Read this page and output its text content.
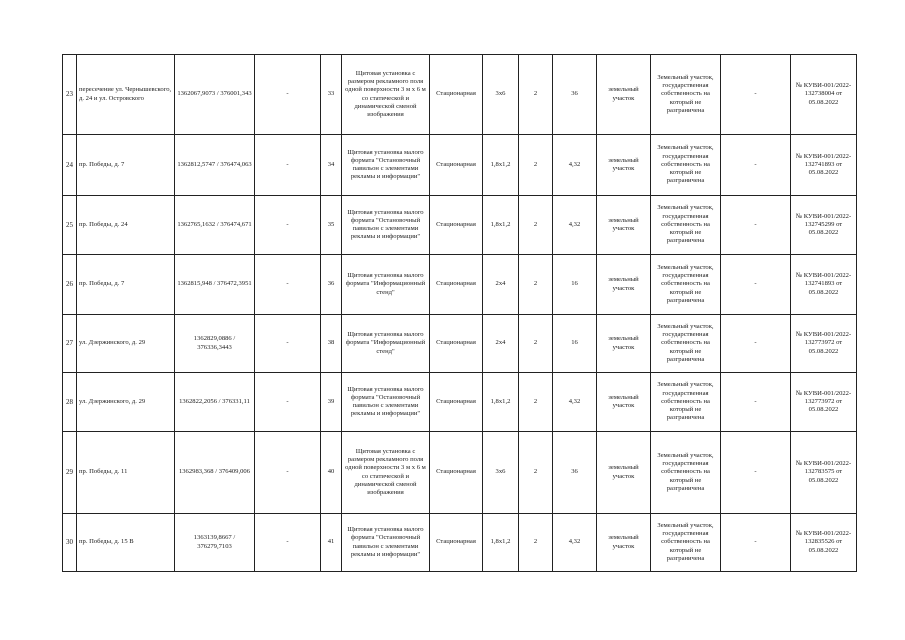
23	пересечение ул. Чернышевского, д. 24 и ул. Островского	1362067,9073 / 376001,343	-	33	Щитовая установка с размером рекламного поля одной поверхности 3 м х 6 м со статической и динамической сменой изображения	Стационарная	3х6	2	36	земельный участок	Земельный участок, государственная собственность на который не разграничена	-	№ КУВИ-001/2022-132738004 от 05.08.2022
24	пр. Победы, д. 7	1362812,5747 / 376474,063	-	34	Щитовая установка малого формата "Остановочный павильон с элементами рекламы и информации"	Стационарная	1,8х1,2	2	4,32	земельный участок	Земельный участок, государственная собственность на который не разграничена	-	№ КУВИ-001/2022-132741893 от 05.08.2022
25	пр. Победы, д. 24	1362765,1632 / 376474,671	-	35	Щитовая установка малого формата "Остановочный павильон с элементами рекламы и информации"	Стационарная	1,8х1,2	2	4,32	земельный участок	Земельный участок, государственная собственность на который не разграничена	-	№ КУВИ-001/2022-132745299 от 05.08.2022
26	пр. Победы, д. 7	1362815,948 / 376472,3951	-	36	Щитовая установка малого формата "Информационный стенд"	Стационарная	2х4	2	16	земельный участок	Земельный участок, государственная собственность на который не разграничена	-	№ КУВИ-001/2022-132741893 от 05.08.2022
27	ул. Дзержинского, д. 29	1362829,0886 / 376336,3443	-	38	Щитовая установка малого формата "Информационный стенд"	Стационарная	2х4	2	16	земельный участок	Земельный участок, государственная собственность на который не разграничена	-	№ КУВИ-001/2022-132773972 от 05.08.2022
28	ул. Дзержинского, д. 29	1362822,2056 / 376331,11	-	39	Щитовая установка малого формата "Остановочный павильон с элементами рекламы и информации"	Стационарная	1,8х1,2	2	4,32	земельный участок	Земельный участок, государственная собственность на который не разграничена	-	№ КУВИ-001/2022-132773972 от 05.08.2022
29	пр. Победы, д. 11	1362983,368 / 376409,006	-	40	Щитовая установка с размером рекламного поля одной поверхности 3 м х 6 м со статической и динамической сменой изображения	Стационарная	3х6	2	36	земельный участок	Земельный участок, государственная собственность на который не разграничена	-	№ КУВИ-001/2022-132783575 от 05.08.2022
30	пр. Победы, д. 15 В	1363139,8667 / 376279,7103	-	41	Щитовая установка малого формата "Остановочный павильон с элементами рекламы и информации"	Стационарная	1,8х1,2	2	4,32	земельный участок	Земельный участок, государственная собственность на который не разграничена	-	№ КУВИ-001/2022-132835526 от 05.08.2022
